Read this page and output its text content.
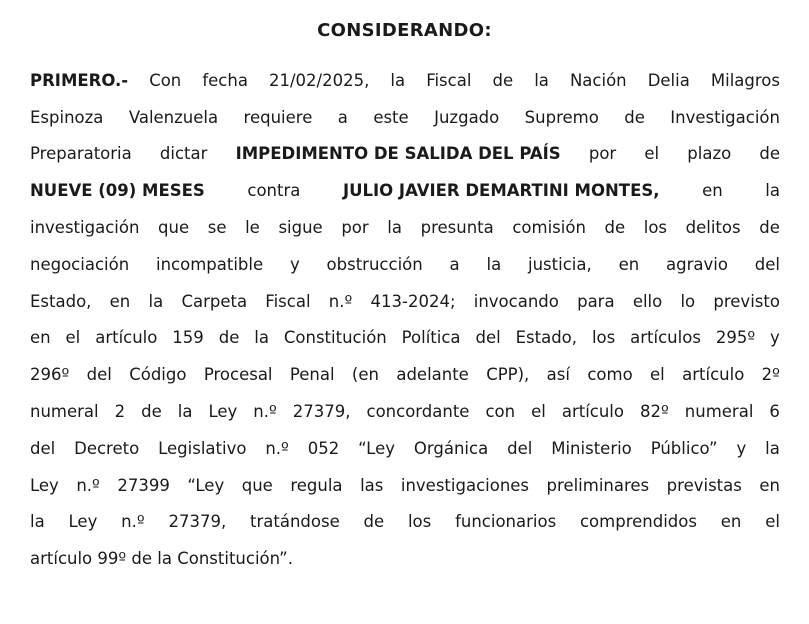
CONSIDERANDO:
PRIMERO.- Con fecha 21/02/2025, la Fiscal de la Nación Delia Milagros
Espinoza Valenzuela requiere a este Juzgado Supremo de Investigación
Preparatoria dictar IMPEDIMENTO DE SALIDA DEL PAÍS por el plazo de
NUEVE (09) MESES	contra	JULIO JAVIER DEMARTINI MONTES,	en	la
investigación que se le sigue por la presunta comisión de los delitos de
negociación incompatible y obstrucción a la justicia, en agravio del
Estado, en la Carpeta Fiscal n.º 413-2024; invocando para ello lo previsto
en el artículo 159 de la Constitución Política del Estado, los artículos 295º y
296º del Código Procesal Penal (en adelante CPP), así como el artículo 2º
numeral 2 de la Ley n.º 27379, concordante con el artículo 82º numeral 6
del Decreto Legislativo n.º 052 “Ley Orgánica del Ministerio Público” y la
Ley n.º 27399 “Ley que regula las investigaciones preliminares previstas en
la Ley n.º 27379, tratándose de los funcionarios comprendidos en el
artículo 99º de la Constitución”.
